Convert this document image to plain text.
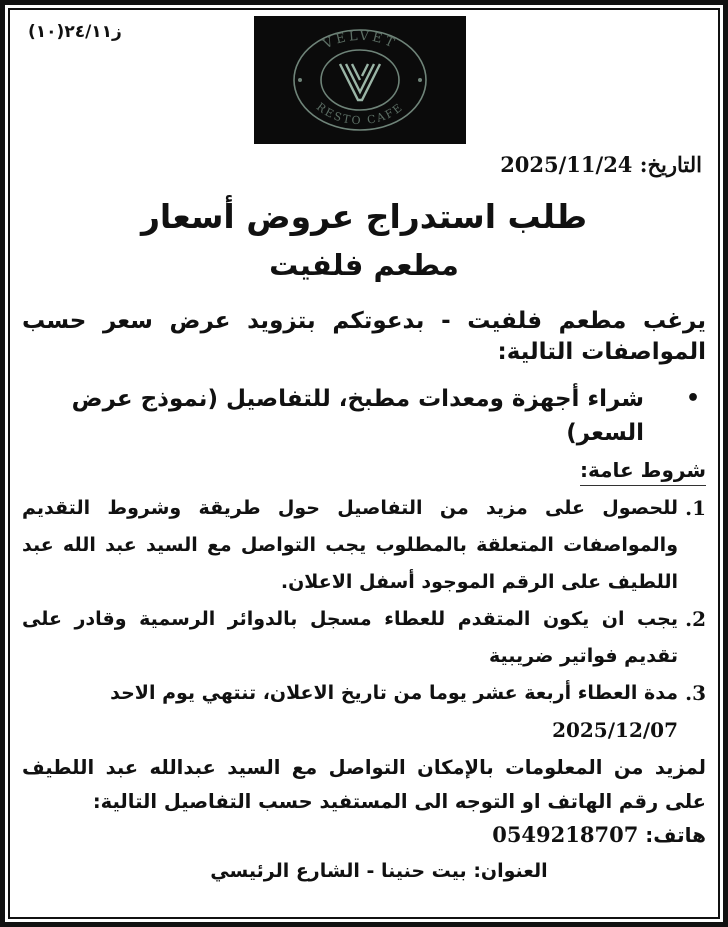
ز٢٤/١١(١٠)
VELVET
RESTO CAFE
التاريخ: 2025/11/24
طلب استدراج عروض أسعار
مطعم فلفيت
يرغب مطعم فلفيت - بدعوتكم بتزويد عرض سعر حسب المواصفات التالية:
•
شراء أجهزة ومعدات مطبخ، للتفاصيل (نموذج عرض السعر)
شروط عامة:
1.
للحصول على مزيد من التفاصيل حول طريقة وشروط التقديم والمواصفات المتعلقة بالمطلوب يجب التواصل مع السيد عبد الله عبد اللطيف على الرقم الموجود أسفل الاعلان.
2.
يجب ان يكون المتقدم للعطاء مسجل بالدوائر الرسمية وقادر على تقديم فواتير ضريبية
3.
مدة العطاء أربعة عشر يوما من تاريخ الاعلان، تنتهي يوم الاحد
2025/12/07
لمزيد من المعلومات بالإمكان التواصل مع السيد عبدالله عبد اللطيف على رقم الهاتف او التوجه الى المستفيد حسب التفاصيل التالية:
هاتف: 0549218707
العنوان: بيت حنينا - الشارع الرئيسي
